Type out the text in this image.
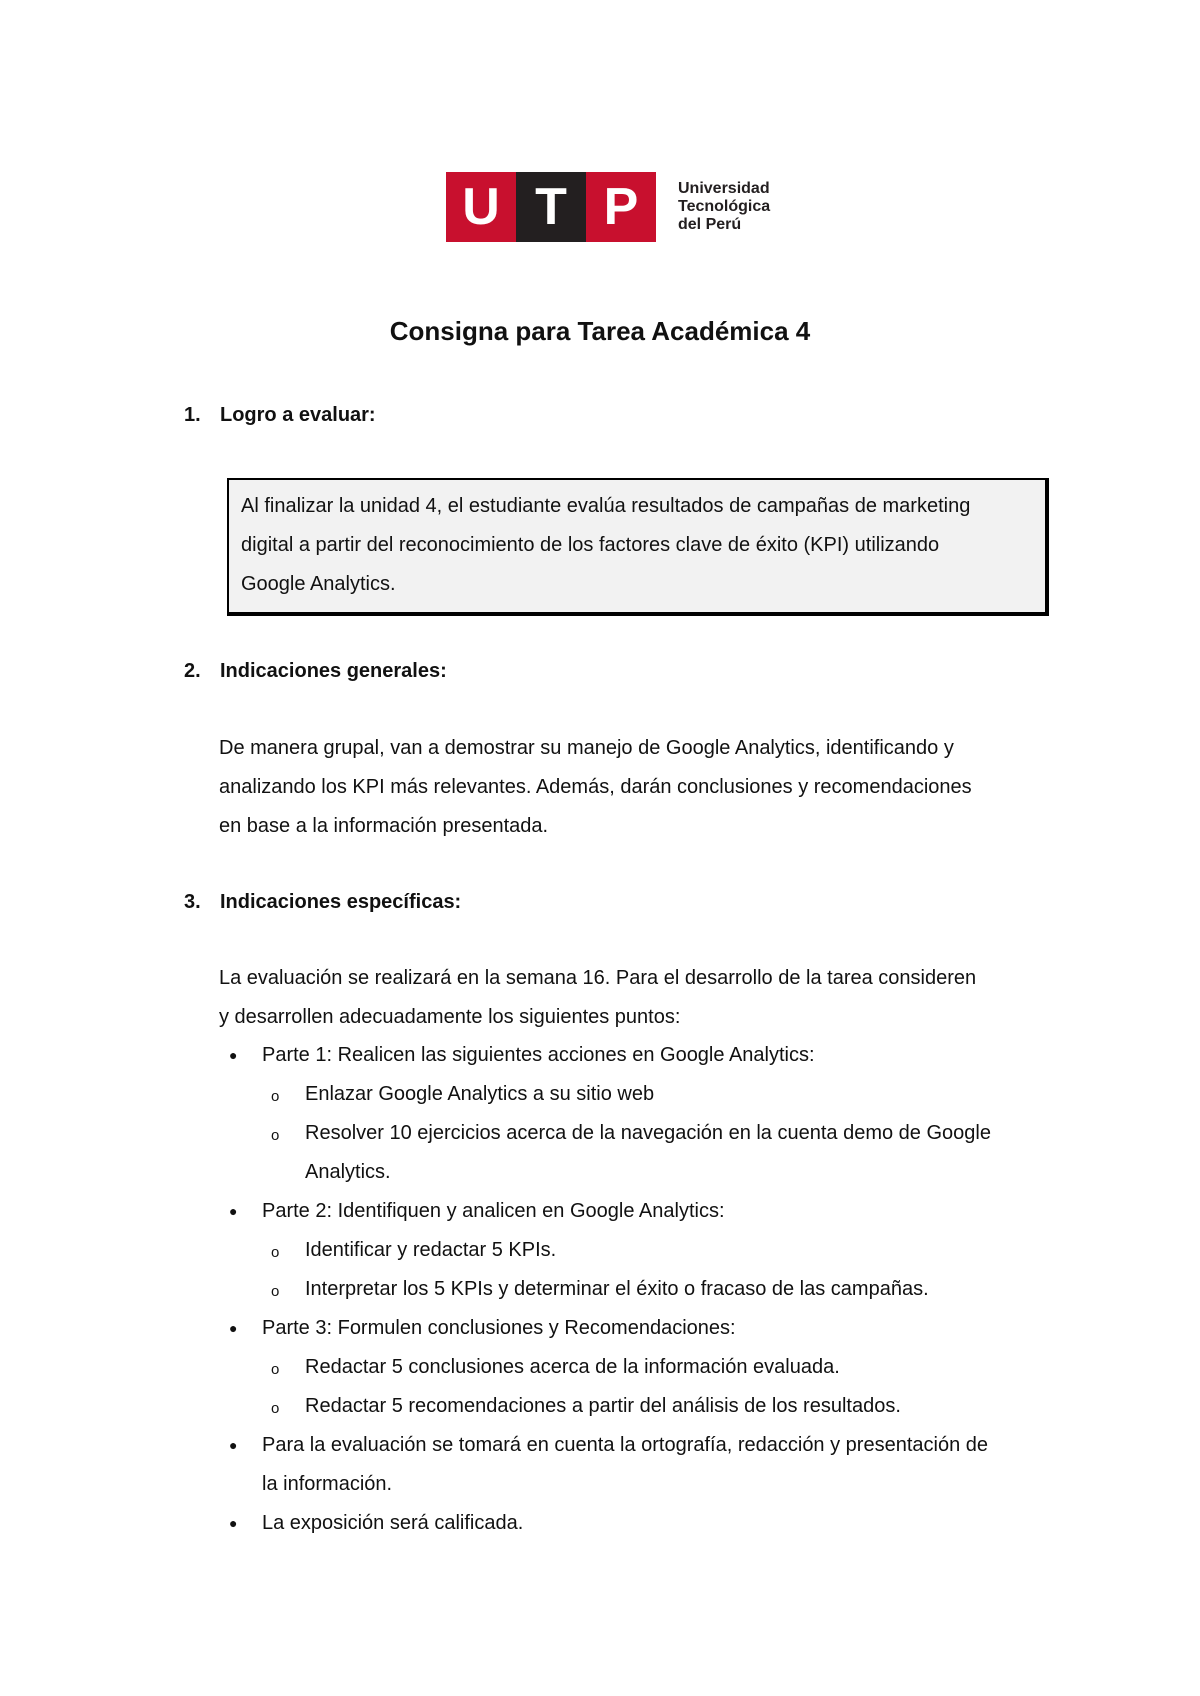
U T P	Universidad
Tecnológica
del Perú
Consigna para Tarea Académica 4
1. Logro a evaluar:
Al finalizar la unidad 4, el estudiante evalúa resultados de campañas de marketing
digital a partir del reconocimiento de los factores clave de éxito (KPI) utilizando
Google Analytics.
2. Indicaciones generales:
De manera grupal, van a demostrar su manejo de Google Analytics, identificando y
analizando los KPI más relevantes. Además, darán conclusiones y recomendaciones
en base a la información presentada.
3. Indicaciones específicas:
La evaluación se realizará en la semana 16. Para el desarrollo de la tarea consideren
y desarrollen adecuadamente los siguientes puntos:
● Parte 1: Realicen las siguientes acciones en Google Analytics:
o Enlazar Google Analytics a su sitio web
o Resolver 10 ejercicios acerca de la navegación en la cuenta demo de Google
Analytics.
● Parte 2: Identifiquen y analicen en Google Analytics:
o Identificar y redactar 5 KPIs.
o Interpretar los 5 KPIs y determinar el éxito o fracaso de las campañas.
● Parte 3: Formulen conclusiones y Recomendaciones:
o Redactar 5 conclusiones acerca de la información evaluada.
o Redactar 5 recomendaciones a partir del análisis de los resultados.
● Para la evaluación se tomará en cuenta la ortografía, redacción y presentación de
la información.
● La exposición será calificada.
